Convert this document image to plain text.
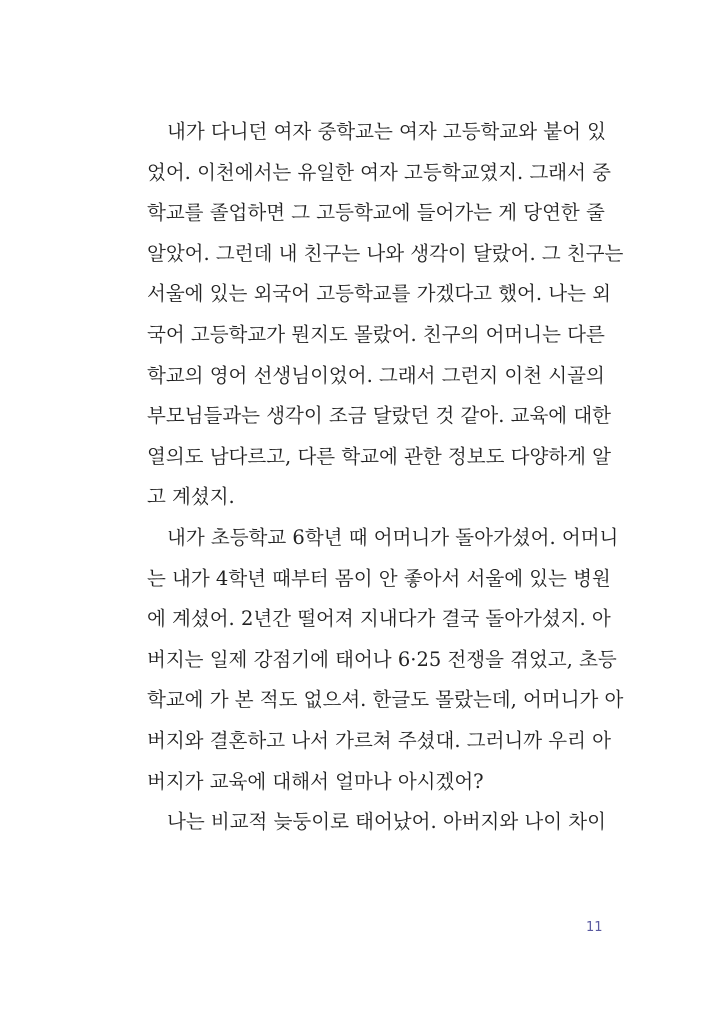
내가 다니던 여자 중학교는 여자 고등학교와 붙어 있
었어. 이천에서는 유일한 여자 고등학교였지. 그래서 중
학교를 졸업하면 그 고등학교에 들어가는 게 당연한 줄
알았어. 그런데 내 친구는 나와 생각이 달랐어. 그 친구는
서울에 있는 외국어 고등학교를 가겠다고 했어. 나는 외
국어 고등학교가 뭔지도 몰랐어. 친구의 어머니는 다른
학교의 영어 선생님이었어. 그래서 그런지 이천 시골의
부모님들과는 생각이 조금 달랐던 것 같아. 교육에 대한
열의도 남다르고, 다른 학교에 관한 정보도 다양하게 알
고 계셨지.
내가 초등학교 6학년 때 어머니가 돌아가셨어. 어머니
는 내가 4학년 때부터 몸이 안 좋아서 서울에 있는 병원
에 계셨어. 2년간 떨어져 지내다가 결국 돌아가셨지. 아
버지는 일제 강점기에 태어나 6·25 전쟁을 겪었고, 초등
학교에 가 본 적도 없으셔. 한글도 몰랐는데, 어머니가 아
버지와 결혼하고 나서 가르쳐 주셨대. 그러니까 우리 아
버지가 교육에 대해서 얼마나 아시겠어?
나는 비교적 늦둥이로 태어났어. 아버지와 나이 차이
11
